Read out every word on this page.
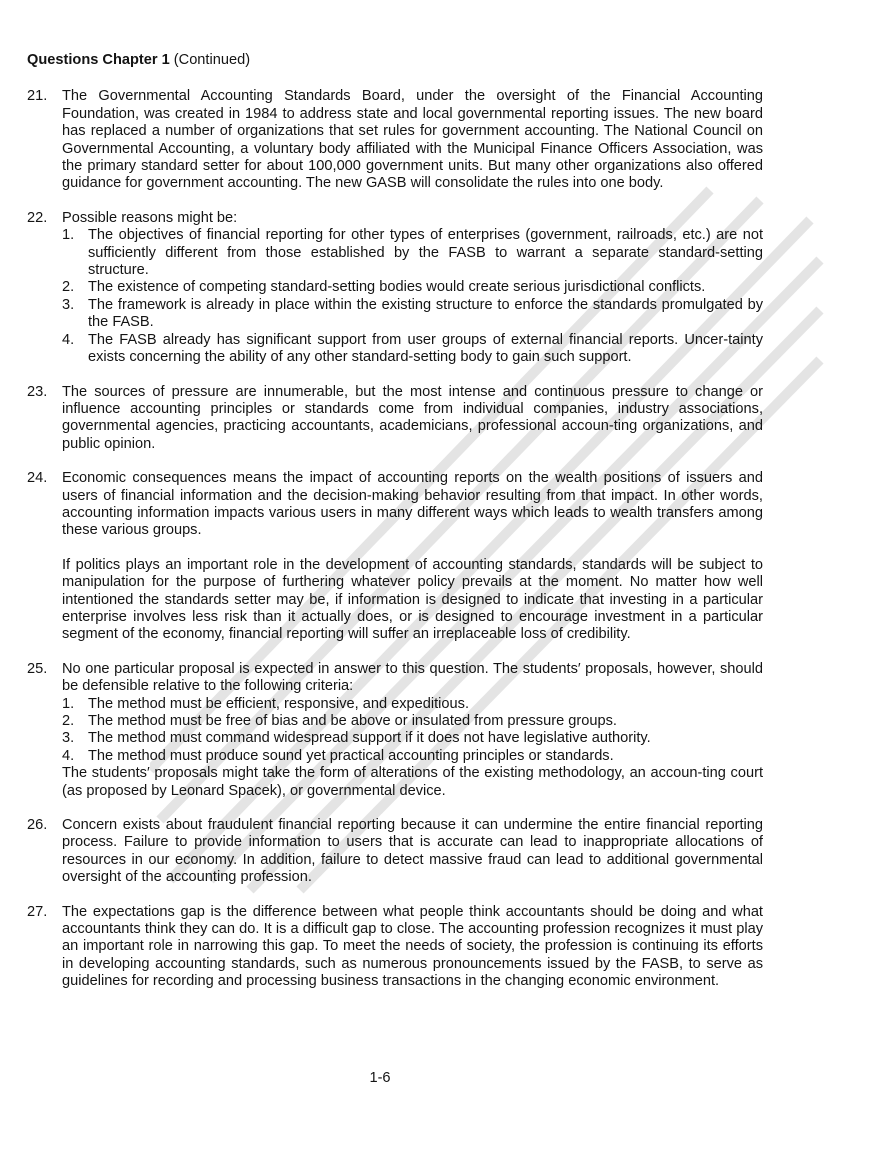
Questions Chapter 1 (Continued)
21.	The Governmental Accounting Standards Board, under the oversight of the Financial Accounting Foundation, was created in 1984 to address state and local governmental reporting issues. The new board has replaced a number of organizations that set rules for government accounting. The National Council on Governmental Accounting, a voluntary body affiliated with the Municipal Finance Officers Association, was the primary standard setter for about 100,000 government units. But many other organizations also offered guidance for government accounting. The new GASB will consolidate the rules into one body.
22.	Possible reasons might be:
1. The objectives of financial reporting for other types of enterprises (government, railroads, etc.) are not sufficiently different from those established by the FASB to warrant a separate standard-setting structure.
2. The existence of competing standard-setting bodies would create serious jurisdictional conflicts.
3. The framework is already in place within the existing structure to enforce the standards promulgated by the FASB.
4. The FASB already has significant support from user groups of external financial reports. Uncer-tainty exists concerning the ability of any other standard-setting body to gain such support.
23.	The sources of pressure are innumerable, but the most intense and continuous pressure to change or influence accounting principles or standards come from individual companies, industry associations, governmental agencies, practicing accountants, academicians, professional accoun-ting organizations, and public opinion.
24.	Economic consequences means the impact of accounting reports on the wealth positions of issuers and users of financial information and the decision-making behavior resulting from that impact. In other words, accounting information impacts various users in many different ways which leads to wealth transfers among these various groups.
If politics plays an important role in the development of accounting standards, standards will be subject to manipulation for the purpose of furthering whatever policy prevails at the moment. No matter how well intentioned the standards setter may be, if information is designed to indicate that investing in a particular enterprise involves less risk than it actually does, or is designed to encourage investment in a particular segment of the economy, financial reporting will suffer an irreplaceable loss of credibility.
25.	No one particular proposal is expected in answer to this question. The students′ proposals, however, should be defensible relative to the following criteria:
1. The method must be efficient, responsive, and expeditious.
2. The method must be free of bias and be above or insulated from pressure groups.
3. The method must command widespread support if it does not have legislative authority.
4. The method must produce sound yet practical accounting principles or standards.
The students′ proposals might take the form of alterations of the existing methodology, an accoun-ting court (as proposed by Leonard Spacek), or governmental device.
26.	Concern exists about fraudulent financial reporting because it can undermine the entire financial reporting process. Failure to provide information to users that is accurate can lead to inappropriate allocations of resources in our economy. In addition, failure to detect massive fraud can lead to additional governmental oversight of the accounting profession.
27.	The expectations gap is the difference between what people think accountants should be doing and what accountants think they can do. It is a difficult gap to close. The accounting profession recognizes it must play an important role in narrowing this gap. To meet the needs of society, the profession is continuing its efforts in developing accounting standards, such as numerous pronouncements issued by the FASB, to serve as guidelines for recording and processing business transactions in the changing economic environment.
1-6
